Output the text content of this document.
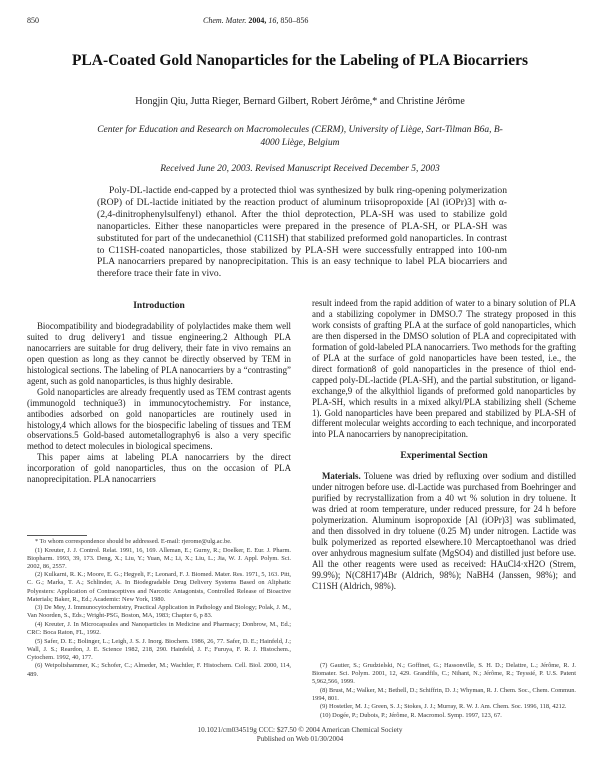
850	Chem. Mater. 2004, 16, 850–856
PLA-Coated Gold Nanoparticles for the Labeling of PLA Biocarriers
Hongjin Qiu, Jutta Rieger, Bernard Gilbert, Robert Jérôme,* and Christine Jérôme
Center for Education and Research on Macromolecules (CERM), University of Liège, Sart-Tilman B6a, B-4000 Liège, Belgium
Received June 20, 2003. Revised Manuscript Received December 5, 2003
Poly-DL-lactide end-capped by a protected thiol was synthesized by bulk ring-opening polymerization (ROP) of DL-lactide initiated by the reaction product of aluminum triisopropoxide [Al (iOPr)3] with α- (2,4-dinitrophenylsulfenyl) ethanol. After the thiol deprotection, PLA-SH was used to stabilize gold nanoparticles. Either these nanoparticles were prepared in the presence of PLA-SH, or PLA-SH was substituted for part of the undecanethiol (C11SH) that stabilized preformed gold nanoparticles. In contrast to C11SH-coated nanoparticles, those stabilized by PLA-SH were successfully entrapped into 100-nm PLA nanocarriers prepared by nanoprecipitation. This is an easy technique to label PLA biocarriers and therefore trace their fate in vivo.
Introduction

Biocompatibility and biodegradability of polylactides make them well suited to drug delivery1 and tissue engineering.2 Although PLA nanocarriers are suitable for drug delivery, their fate in vivo remains an open question as long as they cannot be directly observed by TEM in histological sections. The labeling of PLA nanocarriers by a “contrasting” agent, such as gold nanoparticles, is thus highly desirable.

Gold nanoparticles are already frequently used as TEM contrast agents (immunogold technique3) in immunocytochemistry. For instance, antibodies adsorbed on gold nanoparticles are routinely used in histology,4 which allows for the biospecific labeling of tissues and TEM observations.5 Gold-based autometallography6 is also a very specific method to detect molecules in biological specimens.

This paper aims at labeling PLA nanocarriers by the direct incorporation of gold nanoparticles, thus on the occasion of PLA nanoprecipitation. PLA nanocarriers

* To whom correspondence should be addressed. E-mail: rjerome@ulg.ac.be.
(1) Kreuter, J. J. Control. Relat. 1991, 16, 169. Alleman, E.; Gurny, R.; Doelker, E. Eur. J. Pharm. Biopharm. 1993, 39, 173. Deng, X.; Liu, Y.; Yuan, M.; Li, X.; Liu, L.; Jia, W. J. Appl. Polym. Sci. 2002, 86, 2557.
(2) Kulkarni, R. K.; Moore, E. G.; Hegyeli, F.; Leonard, F. J. Biomed. Mater. Res. 1971, 5, 163. Pitt, C. G.; Marks, T. A.; Schlinder, A. In Biodegradable Drug Delivery Systems Based on Aliphatic Polyesters: Application of Contraceptives and Narcotic Antagonists, Controlled Release of Bioactive Materials; Baker, R., Ed.; Academic: New York, 1980.
(3) De Mey, J. Immunocytochemistry, Practical Application in Pathology and Biology; Polak, J. M., Van Noorden, S., Eds.; Wright-PSG, Boston, MA, 1983; Chapter 6, p 83.
(4) Kreuter, J. In Microcapsules and Nanoparticles in Medicine and Pharmacy; Donbrow, M., Ed.; CRC: Boca Raton, FL, 1992.
(5) Safer, D. E.; Bolinger, L.; Leigh, J. S. J. Inorg. Biochem. 1986, 26, 77. Safer, D. E.; Hainfeld, J.; Wall, J. S.; Reardon, J. E. Science 1982, 218, 290. Hainfeld, J. F.; Furuya, F. R. J. Histochem., Cytochem. 1992, 40, 177.
(6) Weipoltshammer, K.; Schofer, C.; Almeder, M.; Wachtler, F. Histochem. Cell. Biol. 2000, 114, 489.

result indeed from the rapid addition of water to a binary solution of PLA and a stabilizing copolymer in DMSO.7 The strategy proposed in this work consists of grafting PLA at the surface of gold nanoparticles, which are then dispersed in the DMSO solution of PLA and coprecipitated with formation of gold-labeled PLA nanocarriers. Two methods for the grafting of PLA at the surface of gold nanoparticles have been tested, i.e., the direct formation8 of gold nanoparticles in the presence of thiol end-capped poly-DL-lactide (PLA-SH), and the partial substitution, or ligand-exchange,9 of the alkylthiol ligands of preformed gold nanoparticles by PLA-SH, which results in a mixed alkyl/PLA stabilizing shell (Scheme 1). Gold nanoparticles have been prepared and stabilized by PLA-SH of different molecular weights according to each technique, and incorporated into PLA nanocarriers by nanoprecipitation.

Experimental Section

Materials. Toluene was dried by refluxing over sodium and distilled under nitrogen before use. dl-Lactide was purchased from Boehringer and purified by recrystallization from a 40 wt % solution in dry toluene. It was dried at room temperature, under reduced pressure, for 24 h before polymerization. Aluminum isopropoxide [Al (iOPr)3] was sublimated, and then dissolved in dry toluene (0.25 M) under nitrogen. Lactide was bulk polymerized as reported elsewhere.10 Mercaptoethanol was dried over anhydrous magnesium sulfate (MgSO4) and distilled just before use. All the other reagents were used as received: HAuCl4·xH2O (Strem, 99.9%); N(C8H17)4Br (Aldrich, 98%); NaBH4 (Janssen, 98%); and C11SH (Aldrich, 98%).

(7) Gautier, S.; Grudzielski, N.; Goffinet, G.; Hassonville, S. H. D.; Delattre, L.; Jérôme, R. J. Biomater. Sci. Polym. 2001, 12, 429. Grandfils, C.; Nihant, N.; Jérôme, R.; Teyssié, P. U.S. Patent 5,962,566, 1999.
(8) Brust, M.; Walker, M.; Bethell, D.; Schiffrin, D. J.; Whyman, R. J. Chem. Soc., Chem. Commun. 1994, 801.
(9) Hostetler, M. J.; Green, S. J.; Stokes, J. J.; Murray, R. W. J. Am. Chem. Soc. 1996, 118, 4212.
(10) Dogée, P.; Dubois, P.; Jérôme, R. Macromol. Symp. 1997, 123, 67.
10.1021/cm034519g CCC: $27.50 © 2004 American Chemical Society
Published on Web 01/30/2004
